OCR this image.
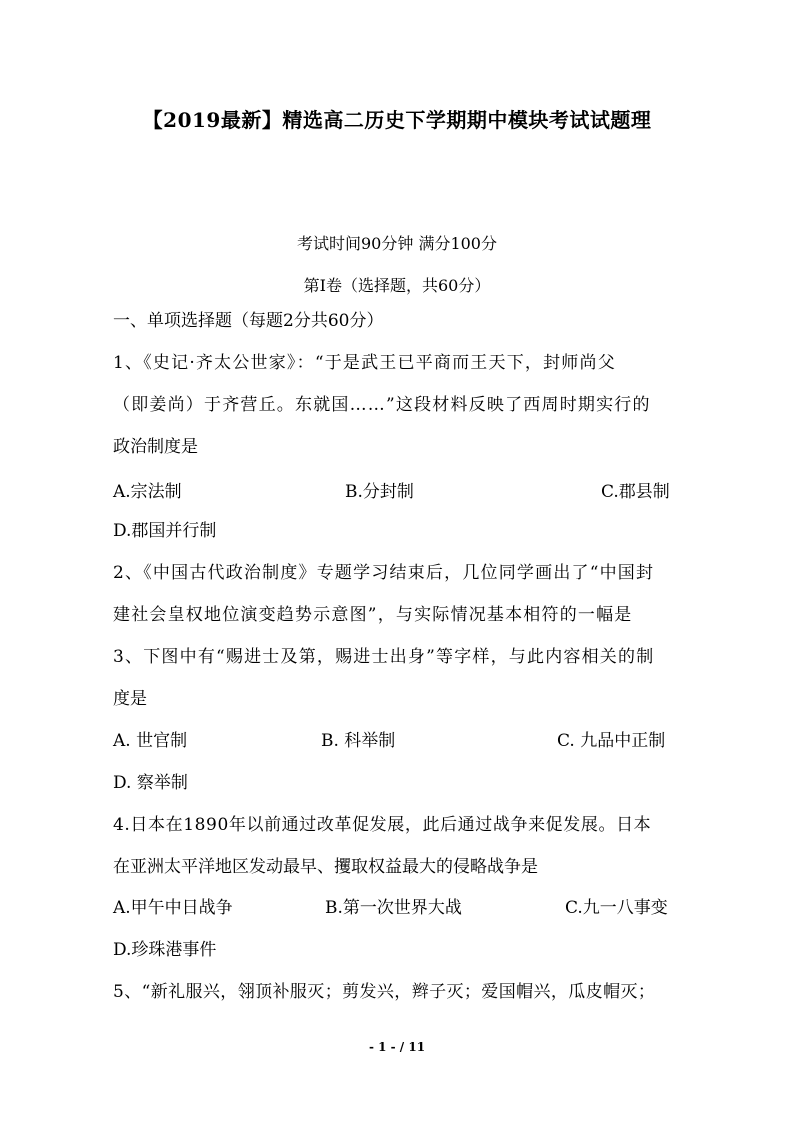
【2019最新】精选高二历史下学期期中模块考试试题理
考试时间90分钟 满分100分
第Ⅰ卷（选择题，共60分）
一、单项选择题（每题2分共60分）
1、《史记·齐太公世家》：“于是武王已平商而王天下，封师尚父
（即姜尚）于齐营丘。东就国……”这段材料反映了西周时期实行的
政治制度是
A.宗法制	B.分封制	C.郡县制
D.郡国并行制
2、《中国古代政治制度》专题学习结束后，几位同学画出了“中国封
建社会皇权地位演变趋势示意图”，与实际情况基本相符的一幅是
3、下图中有“赐进士及第，赐进士出身”等字样，与此内容相关的制
度是
A. 世官制	B. 科举制	C. 九品中正制
D. 察举制
4.日本在1890年以前通过改革促发展，此后通过战争来促发展。日本
在亚洲太平洋地区发动最早、攫取权益最大的侵略战争是
A.甲午中日战争	B.第一次世界大战	C.九一八事变
D.珍珠港事件
5、“新礼服兴，翎顶补服灭；剪发兴，辫子灭；爱国帽兴，瓜皮帽灭；
- 1 - / 11
